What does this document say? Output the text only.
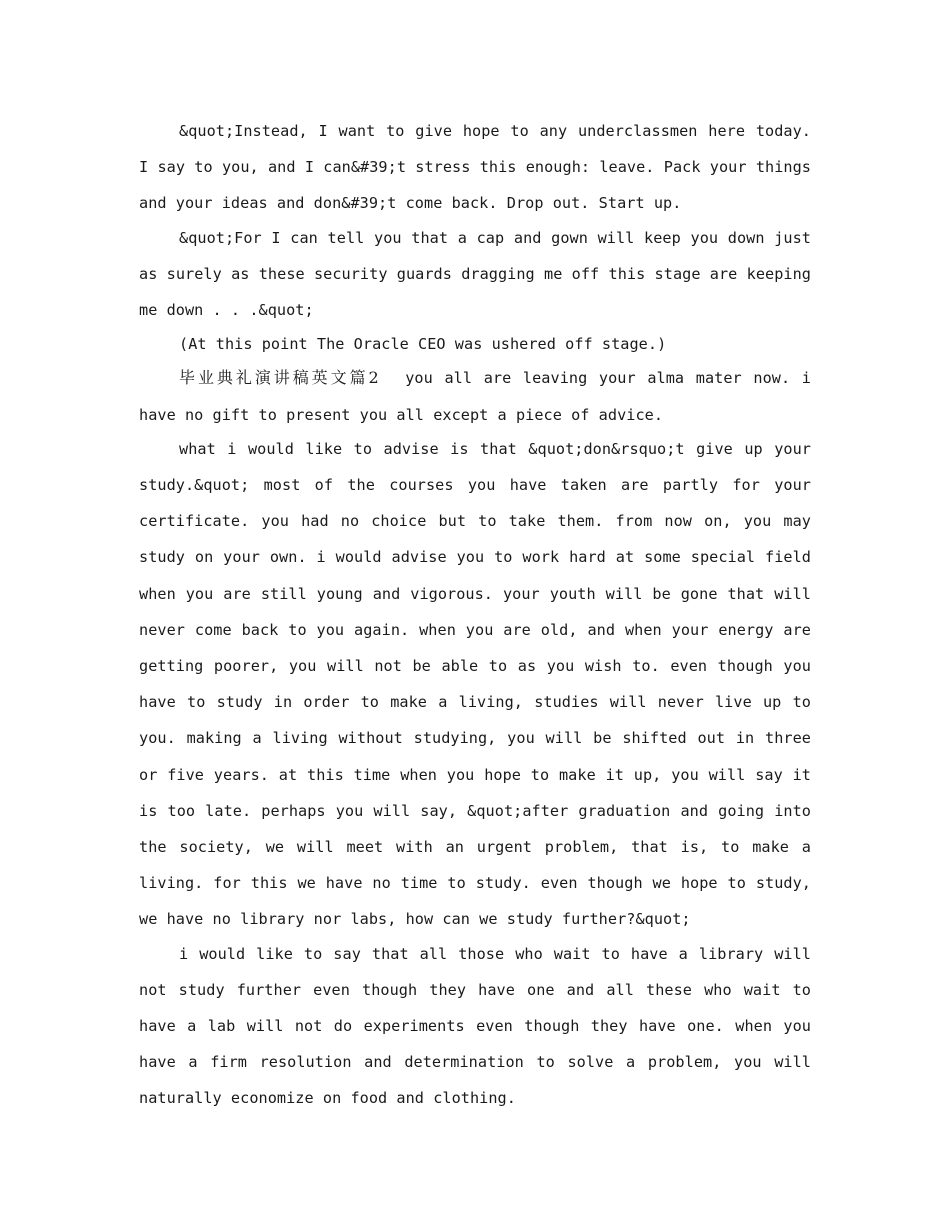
&quot;Instead, I want to give hope to any underclassmen here today. I say to you, and I can&#39;t stress this enough: leave. Pack your things and your ideas and don&#39;t come back. Drop out. Start up.

&quot;For I can tell you that a cap and gown will keep you down just as surely as these security guards dragging me off this stage are keeping me down . . .&quot;

(At this point The Oracle CEO was ushered off stage.)

毕业典礼演讲稿英文篇2 you all are leaving your alma mater now. i have no gift to present you all except a piece of advice.

what i would like to advise is that &quot;don&rsquo;t give up your study.&quot; most of the courses you have taken are partly for your certificate. you had no choice but to take them. from now on, you may study on your own. i would advise you to work hard at some special field when you are still young and vigorous. your youth will be gone that will never come back to you again. when you are old, and when your energy are getting poorer, you will not be able to as you wish to. even though you have to study in order to make a living, studies will never live up to you. making a living without studying, you will be shifted out in three or five years. at this time when you hope to make it up, you will say it is too late. perhaps you will say, &quot;after graduation and going into the society, we will meet with an urgent problem, that is, to make a living. for this we have no time to study. even though we hope to study, we have no library nor labs, how can we study further?&quot;

i would like to say that all those who wait to have a library will not study further even though they have one and all these who wait to have a lab will not do experiments even though they have one. when you have a firm resolution and determination to solve a problem, you will naturally economize on food and clothing.
